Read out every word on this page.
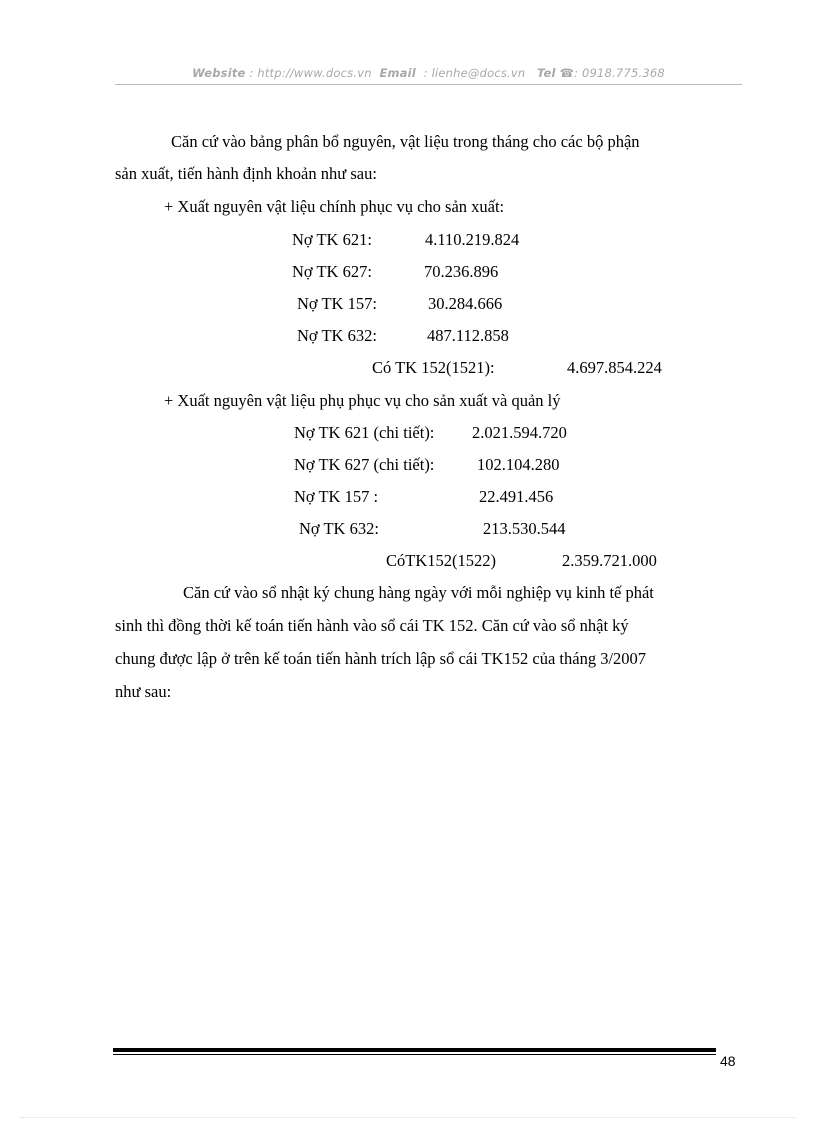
Website : http://www.docs.vn Email : lienhe@docs.vn Tel ☎: 0918.775.368
Căn cứ vào bảng phân bổ nguyên, vật liệu trong tháng cho các bộ phận
sản xuất, tiến hành định khoản như sau:
+ Xuất nguyên vật liệu chính phục vụ cho sản xuất:
Nợ TK 621:	4.110.219.824
Nợ TK 627:	70.236.896
Nợ TK 157:	30.284.666
Nợ TK 632:	487.112.858
Có TK 152(1521):	4.697.854.224
+ Xuất nguyên vật liệu phụ phục vụ cho sản xuất và quản lý
Nợ TK 621 (chi tiết): 2.021.594.720
Nợ TK 627 (chi tiết):	102.104.280
Nợ TK 157 :	22.491.456
Nợ TK 632:	213.530.544
CóTK152(1522)	2.359.721.000
Căn cứ vào sổ nhật ký chung hàng ngày với mỗi nghiệp vụ kinh tế phát
sinh thì đồng thời kế toán tiến hành vào sổ cái TK 152. Căn cứ vào sổ nhật ký
chung được lập ở trên kế toán tiến hành trích lập sổ cái TK152 của tháng 3/2007
như sau:
48
